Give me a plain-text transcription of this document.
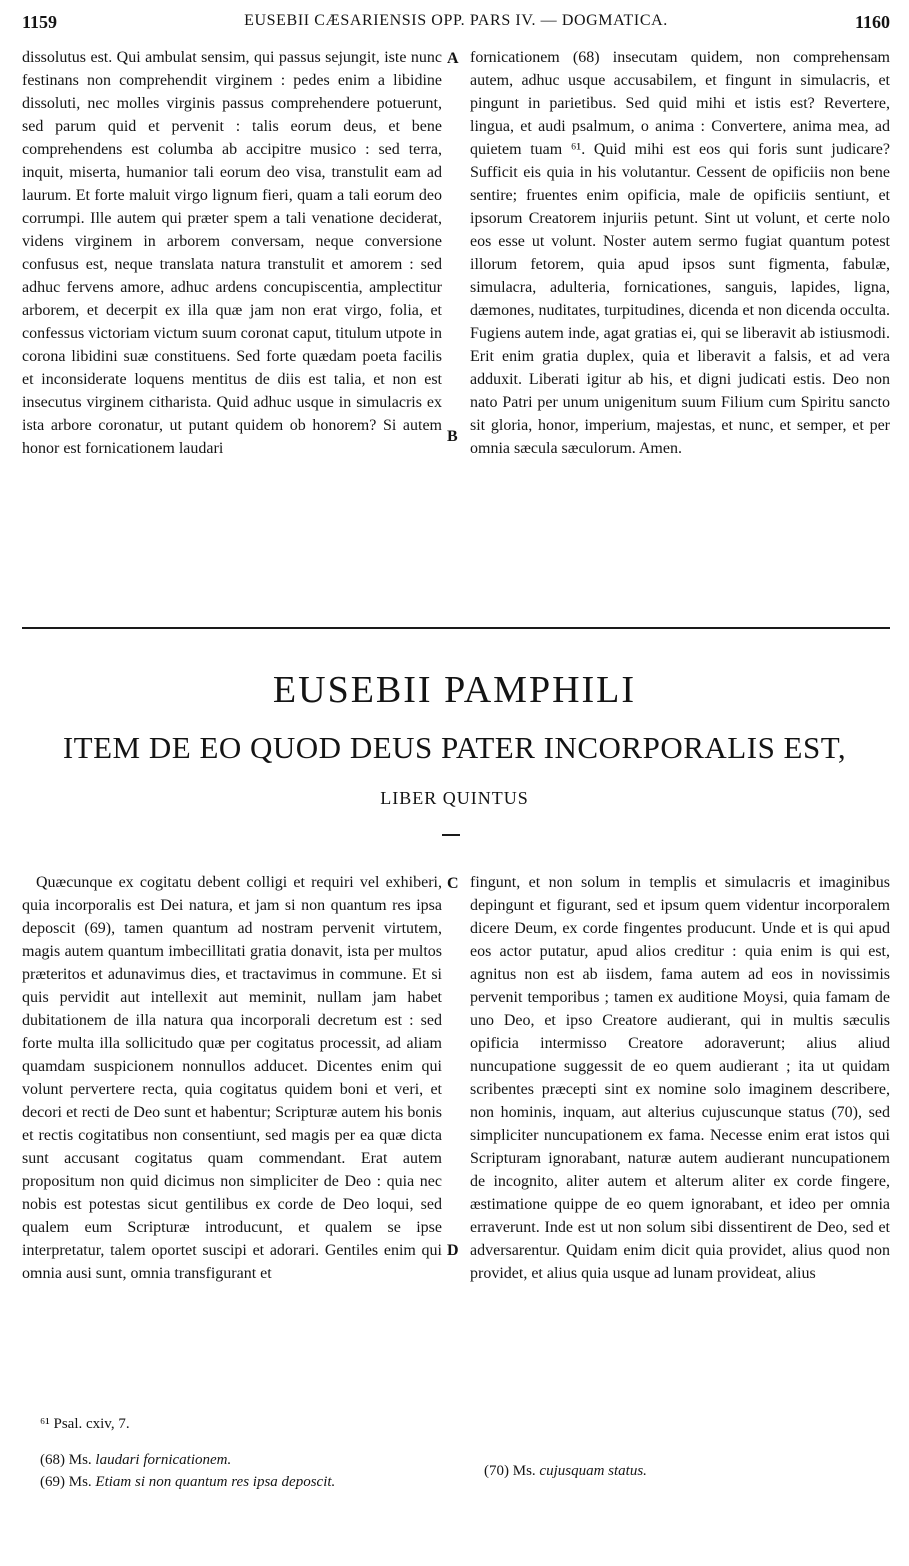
1159	EUSEBII CÆSARIENSIS OPP. PARS IV. — DOGMATICA.	1160

dissolutus est. Qui ambulat sensim, qui passus sejungit, iste nunc festinans non comprehendit virginem : pedes enim a libidine dissoluti, nec molles virginis passus comprehendere potuerunt, sed parum quid et pervenit : talis eorum deus, et bene comprehendens est columba ab accipitre musico : sed terra, inquit, miserta, humanior tali eorum deo visa, transtulit eam ad laurum. Et forte maluit virgo lignum fieri, quam a tali eorum deo corrumpi. Ille autem qui præter spem a tali venatione deciderat, videns virginem in arborem conversam, neque conversione confusus est, neque translata natura transtulit et amorem : sed adhuc fervens amore, adhuc ardens concupiscentia, amplectitur arborem, et decerpit ex illa quæ jam non erat virgo, folia, et confessus victoriam victum suum coronat caput, titulum utpote in corona libidini suæ constituens. Sed forte quædam poeta facilis et inconsiderate loquens mentitus de diis est talia, et non est insecutus virginem citharista. Quid adhuc usque in simulacris ex ista arbore coronatur, ut putant quidem ob honorem? Si autem honor est fornicationem laudari

A
B

fornicationem (68) insecutam quidem, non comprehensam autem, adhuc usque accusabilem, et fingunt in simulacris, et pingunt in parietibus. Sed quid mihi et istis est? Revertere, lingua, et audi psalmum, o anima : Convertere, anima mea, ad quietem tuam ⁶¹. Quid mihi est eos qui foris sunt judicare? Sufficit eis quia in his volutantur. Cessent de opificiis non bene sentire; fruentes enim opificia, male de opificiis sentiunt, et ipsorum Creatorem injuriis petunt. Sint ut volunt, et certe nolo eos esse ut volunt. Noster autem sermo fugiat quantum potest illorum fetorem, quia apud ipsos sunt figmenta, fabulæ, simulacra, adulteria, fornicationes, sanguis, lapides, ligna, dæmones, nuditates, turpitudines, dicenda et non dicenda occulta. Fugiens autem inde, agat gratias ei, qui se liberavit ab istiusmodi. Erit enim gratia duplex, quia et liberavit a falsis, et ad vera adduxit. Liberati igitur ab his, et digni judicati estis. Deo non nato Patri per unum unigenitum suum Filium cum Spiritu sancto sit gloria, honor, imperium, majestas, et nunc, et semper, et per omnia sæcula sæculorum. Amen.

EUSEBII PAMPHILI
ITEM DE EO QUOD DEUS PATER INCORPORALIS EST,
LIBER QUINTUS

Quæcunque ex cogitatu debent colligi et requiri vel exhiberi, quia incorporalis est Dei natura, et jam si non quantum res ipsa deposcit (69), tamen quantum ad nostram pervenit virtutem, magis autem quantum imbecillitati gratia donavit, ista per multos præteritos et adunavimus dies, et tractavimus in commune. Et si quis pervidit aut intellexit aut meminit, nullam jam habet dubitationem de illa natura qua incorporali decretum est : sed forte multa illa sollicitudo quæ per cogitatus processit, ad aliam quamdam suspicionem nonnullos adducet. Dicentes enim qui volunt pervertere recta, quia cogitatus quidem boni et veri, et decori et recti de Deo sunt et habentur; Scripturæ autem his bonis et rectis cogitatibus non consentiunt, sed magis per ea quæ dicta sunt accusant cogitatus quam commendant. Erat autem propositum non quid dicimus non simpliciter de Deo : quia nec nobis est potestas sicut gentilibus ex corde de Deo loqui, sed qualem eum Scripturæ introducunt, et qualem se ipse interpretatur, talem oportet suscipi et adorari. Gentiles enim qui omnia ausi sunt, omnia transfigurant et

C
D

fingunt, et non solum in templis et simulacris et imaginibus depingunt et figurant, sed et ipsum quem videntur incorporalem dicere Deum, ex corde fingentes producunt. Unde et is qui apud eos actor putatur, apud alios creditur : quia enim is qui est, agnitus non est ab iisdem, fama autem ad eos in novissimis pervenit temporibus ; tamen ex auditione Moysi, quia famam de uno Deo, et ipso Creatore audierant, qui in multis sæculis opificia intermisso Creatore adoraverunt; alius aliud nuncupatione suggessit de eo quem audierant ; ita ut quidam scribentes præcepti sint ex nomine solo imaginem describere, non hominis, inquam, aut alterius cujuscunque status (70), sed simpliciter nuncupationem ex fama. Necesse enim erat istos qui Scripturam ignorabant, naturæ autem audierant nuncupationem de incognito, aliter autem et alterum aliter ex corde fingere, æstimatione quippe de eo quem ignorabant, et ideo per omnia erraverunt. Inde est ut non solum sibi dissentirent de Deo, sed et adversarentur. Quidam enim dicit quia providet, alius quod non providet, et alius quia usque ad lunam provideat, alius

⁶¹ Psal. cxiv, 7.
(68) Ms. laudari fornicationem.
(69) Ms. Etiam si non quantum res ipsa deposcit.
(70) Ms. cujusquam status.
